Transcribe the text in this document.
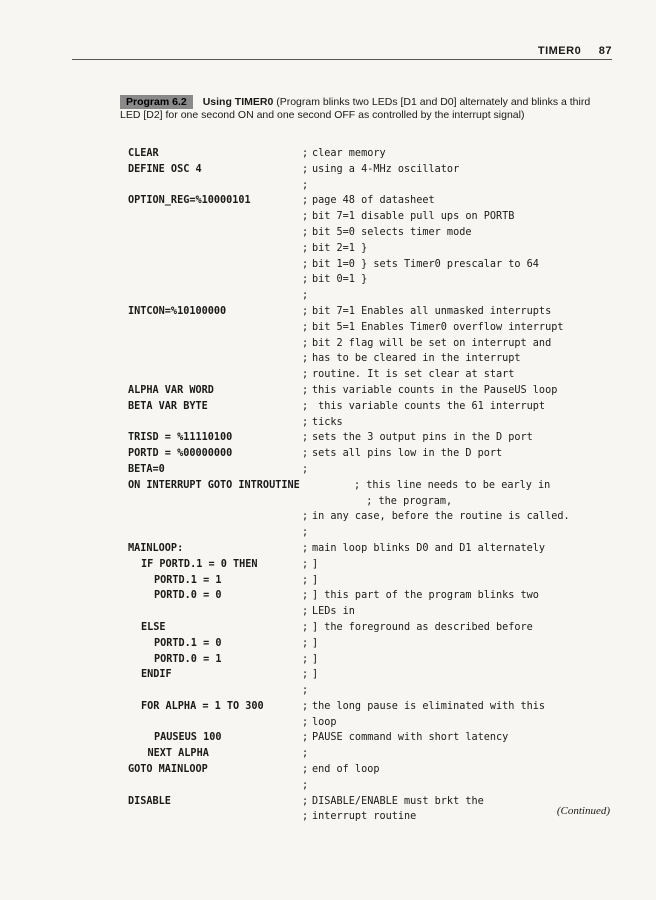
TIMER0 87
Program 6.2 Using TIMER0 (Program blinks two LEDs [D1 and D0] alternately and blinks a third LED [D2] for one second ON and one second OFF as controlled by the interrupt signal)
CLEAR	; clear memory
DEFINE OSC 4	; using a 4-MHz oscillator
;
OPTION_REG=%10000101	; page 48 of datasheet
; bit 7=1 disable pull ups on PORTB
; bit 5=0 selects timer mode
; bit 2=1 }
; bit 1=0 } sets Timer0 prescalar to 64
; bit 0=1 }
;
INTCON=%10100000	; bit 7=1 Enables all unmasked interrupts
; bit 5=1 Enables Timer0 overflow interrupt
; bit 2 flag will be set on interrupt and
; has to be cleared in the interrupt
; routine. It is set clear at start
ALPHA VAR WORD	; this variable counts in the PauseUS loop
BETA VAR BYTE	; this variable counts the 61 interrupt
; ticks
TRISD = %11110100	; sets the 3 output pins in the D port
PORTD = %00000000	; sets all pins low in the D port
BETA=0	;
ON INTERRUPT GOTO INTROUTINE	; this line needs to be early in
; the program,
; in any case, before the routine is called.
;
MAINLOOP:	; main loop blinks D0 and D1 alternately
IF PORTD.1 = 0 THEN	; ]
PORTD.1 = 1	; ]
PORTD.0 = 0	; ] this part of the program blinks two
; LEDs in
ELSE	; ] the foreground as described before
PORTD.1 = 0	; ]
PORTD.0 = 1	; ]
ENDIF	; ]
;
FOR ALPHA = 1 TO 300	; the long pause is eliminated with this
; loop
PAUSEUS 100	; PAUSE command with short latency
NEXT ALPHA	;
GOTO MAINLOOP	; end of loop
;
DISABLE	; DISABLE/ENABLE must brkt the
; interrupt routine	(Continued)
